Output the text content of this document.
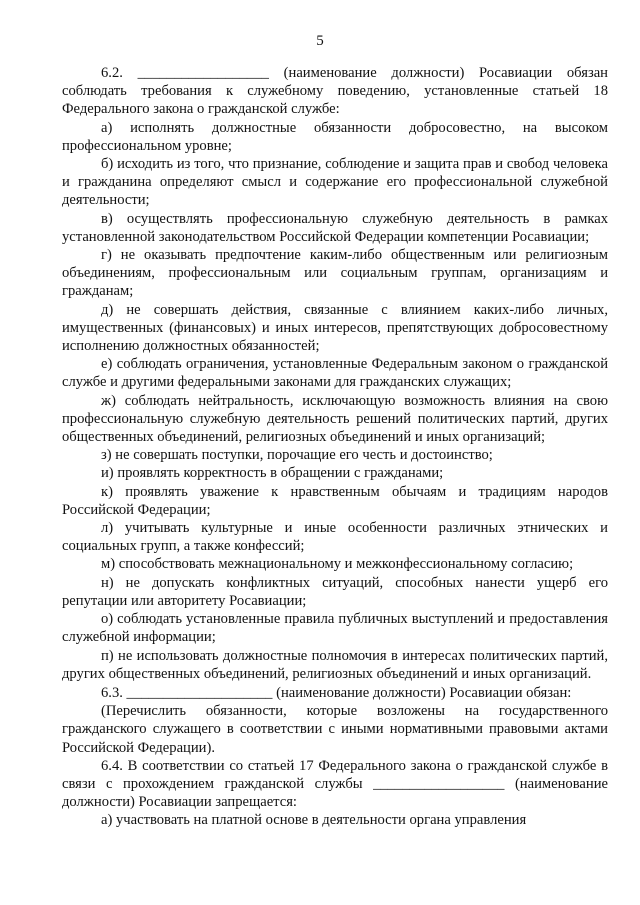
5

6.2. __________________ (наименование должности) Росавиации обязан соблюдать требования к служебному поведению, установленные статьей 18 Федерального закона о гражданской службе:

а) исполнять должностные обязанности добросовестно, на высоком профессиональном уровне;

б) исходить из того, что признание, соблюдение и защита прав и свобод человека и гражданина определяют смысл и содержание его профессиональной служебной деятельности;

в) осуществлять профессиональную служебную деятельность в рамках установленной законодательством Российской Федерации компетенции Росавиации;

г) не оказывать предпочтение каким-либо общественным или религиозным объединениям, профессиональным или социальным группам, организациям и гражданам;

д) не совершать действия, связанные с влиянием каких-либо личных, имущественных (финансовых) и иных интересов, препятствующих добросовестному исполнению должностных обязанностей;

е) соблюдать ограничения, установленные Федеральным законом о гражданской службе и другими федеральными законами для гражданских служащих;

ж) соблюдать нейтральность, исключающую возможность влияния на свою профессиональную служебную деятельность решений политических партий, других общественных объединений, религиозных объединений и иных организаций;

з) не совершать поступки, порочащие его честь и достоинство;

и) проявлять корректность в обращении с гражданами;

к) проявлять уважение к нравственным обычаям и традициям народов Российской Федерации;

л) учитывать культурные и иные особенности различных этнических и социальных групп, а также конфессий;

м) способствовать межнациональному и межконфессиональному согласию;

н) не допускать конфликтных ситуаций, способных нанести ущерб его репутации или авторитету Росавиации;

о) соблюдать установленные правила публичных выступлений и предоставления служебной информации;

п) не использовать должностные полномочия в интересах политических партий, других общественных объединений, религиозных объединений и иных организаций.

6.3. ____________________ (наименование должности) Росавиации обязан:

(Перечислить обязанности, которые возложены на государственного гражданского служащего в соответствии с иными нормативными правовыми актами Российской Федерации).

6.4. В соответствии со статьей 17 Федерального закона о гражданской службе в связи с прохождением гражданской службы __________________ (наименование должности) Росавиации запрещается:

а) участвовать на платной основе в деятельности органа управления
